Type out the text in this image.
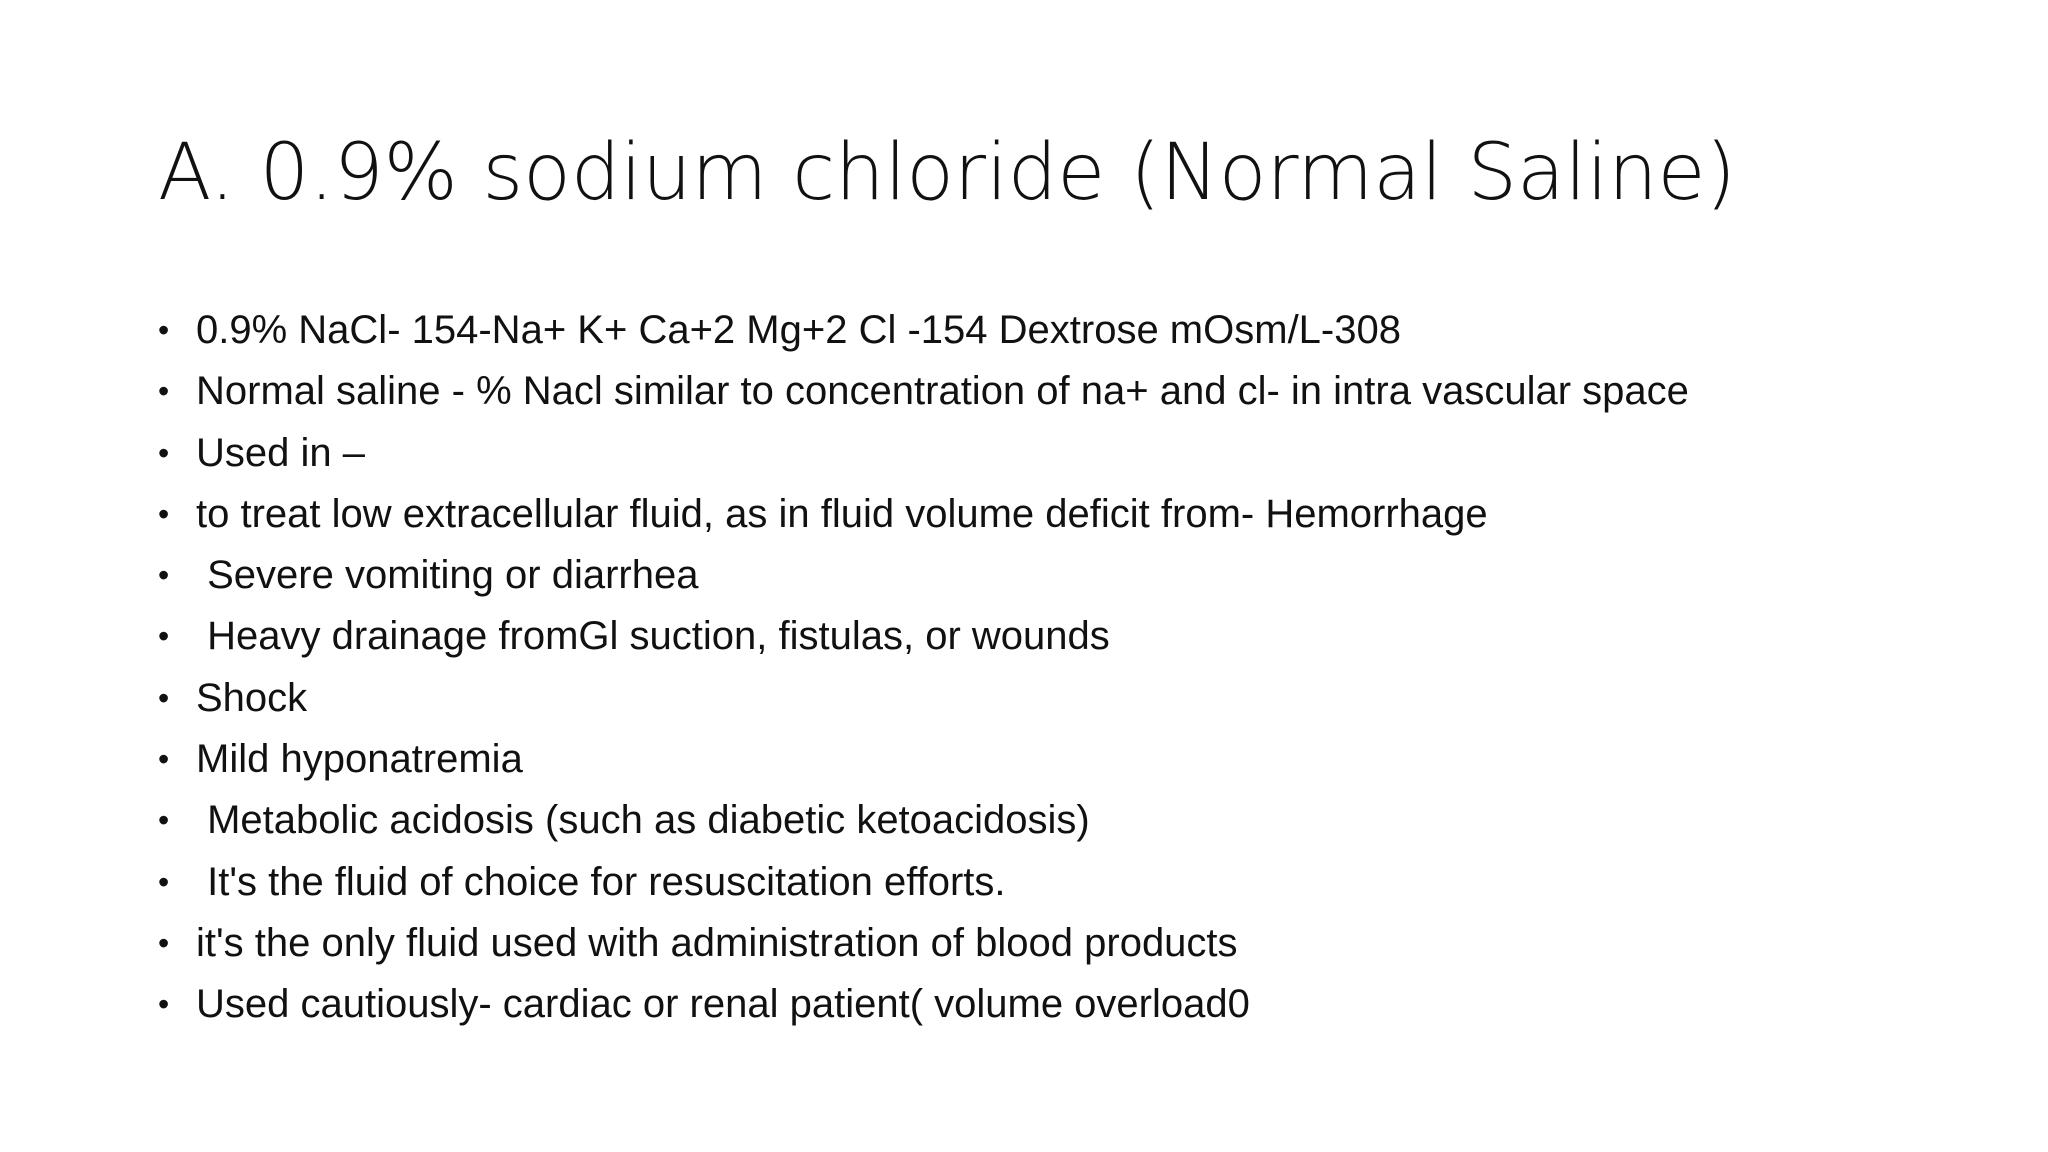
A. 0.9% sodium chloride (Normal Saline)
• 0.9% NaCl- 154-Na+ K+ Ca+2 Mg+2 Cl -154 Dextrose mOsm/L-308
• Normal saline - % Nacl similar to concentration of na+ and cl- in intra vascular space
• Used in –
• to treat low extracellular fluid, as in fluid volume deficit from- Hemorrhage
• Severe vomiting or diarrhea
• Heavy drainage fromGl suction, fistulas, or wounds
• Shock
• Mild hyponatremia
• Metabolic acidosis (such as diabetic ketoacidosis)
• It's the fluid of choice for resuscitation efforts.
• it's the only fluid used with administration of blood products
• Used cautiously- cardiac or renal patient( volume overload0
